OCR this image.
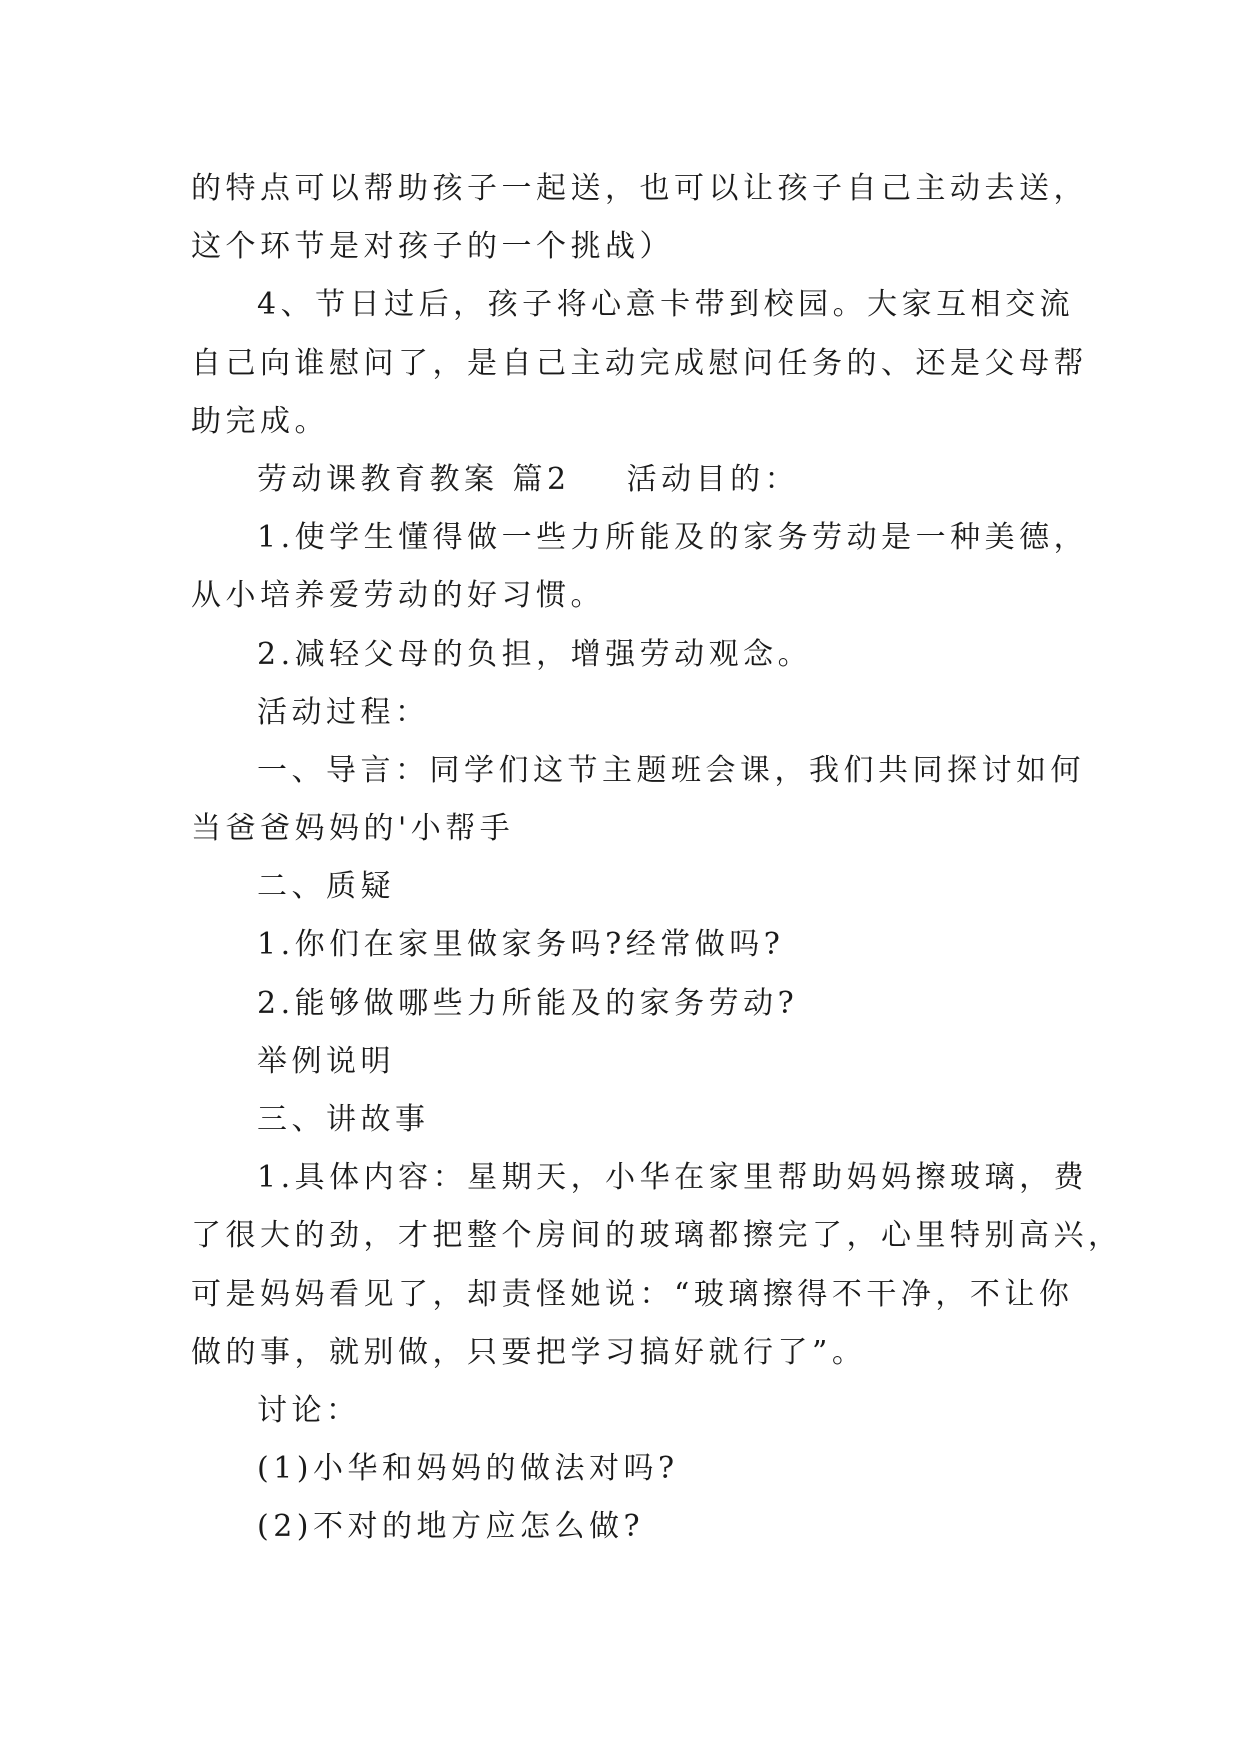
的特点可以帮助孩子一起送，也可以让孩子自己主动去送，
这个环节是对孩子的一个挑战）
4、节日过后，孩子将心意卡带到校园。大家互相交流
自己向谁慰问了，是自己主动完成慰问任务的、还是父母帮
助完成。
劳动课教育教案 篇2 活动目的：
1.使学生懂得做一些力所能及的家务劳动是一种美德，
从小培养爱劳动的好习惯。
2.减轻父母的负担，增强劳动观念。
活动过程：
一、导言：同学们这节主题班会课，我们共同探讨如何
当爸爸妈妈的'小帮手
二、质疑
1.你们在家里做家务吗?经常做吗?
2.能够做哪些力所能及的家务劳动?
举例说明
三、讲故事
1.具体内容：星期天，小华在家里帮助妈妈擦玻璃，费
了很大的劲，才把整个房间的玻璃都擦完了，心里特别高兴，
可是妈妈看见了，却责怪她说：“玻璃擦得不干净，不让你
做的事，就别做，只要把学习搞好就行了”。
讨论：
(1)小华和妈妈的做法对吗?
(2)不对的地方应怎么做?
